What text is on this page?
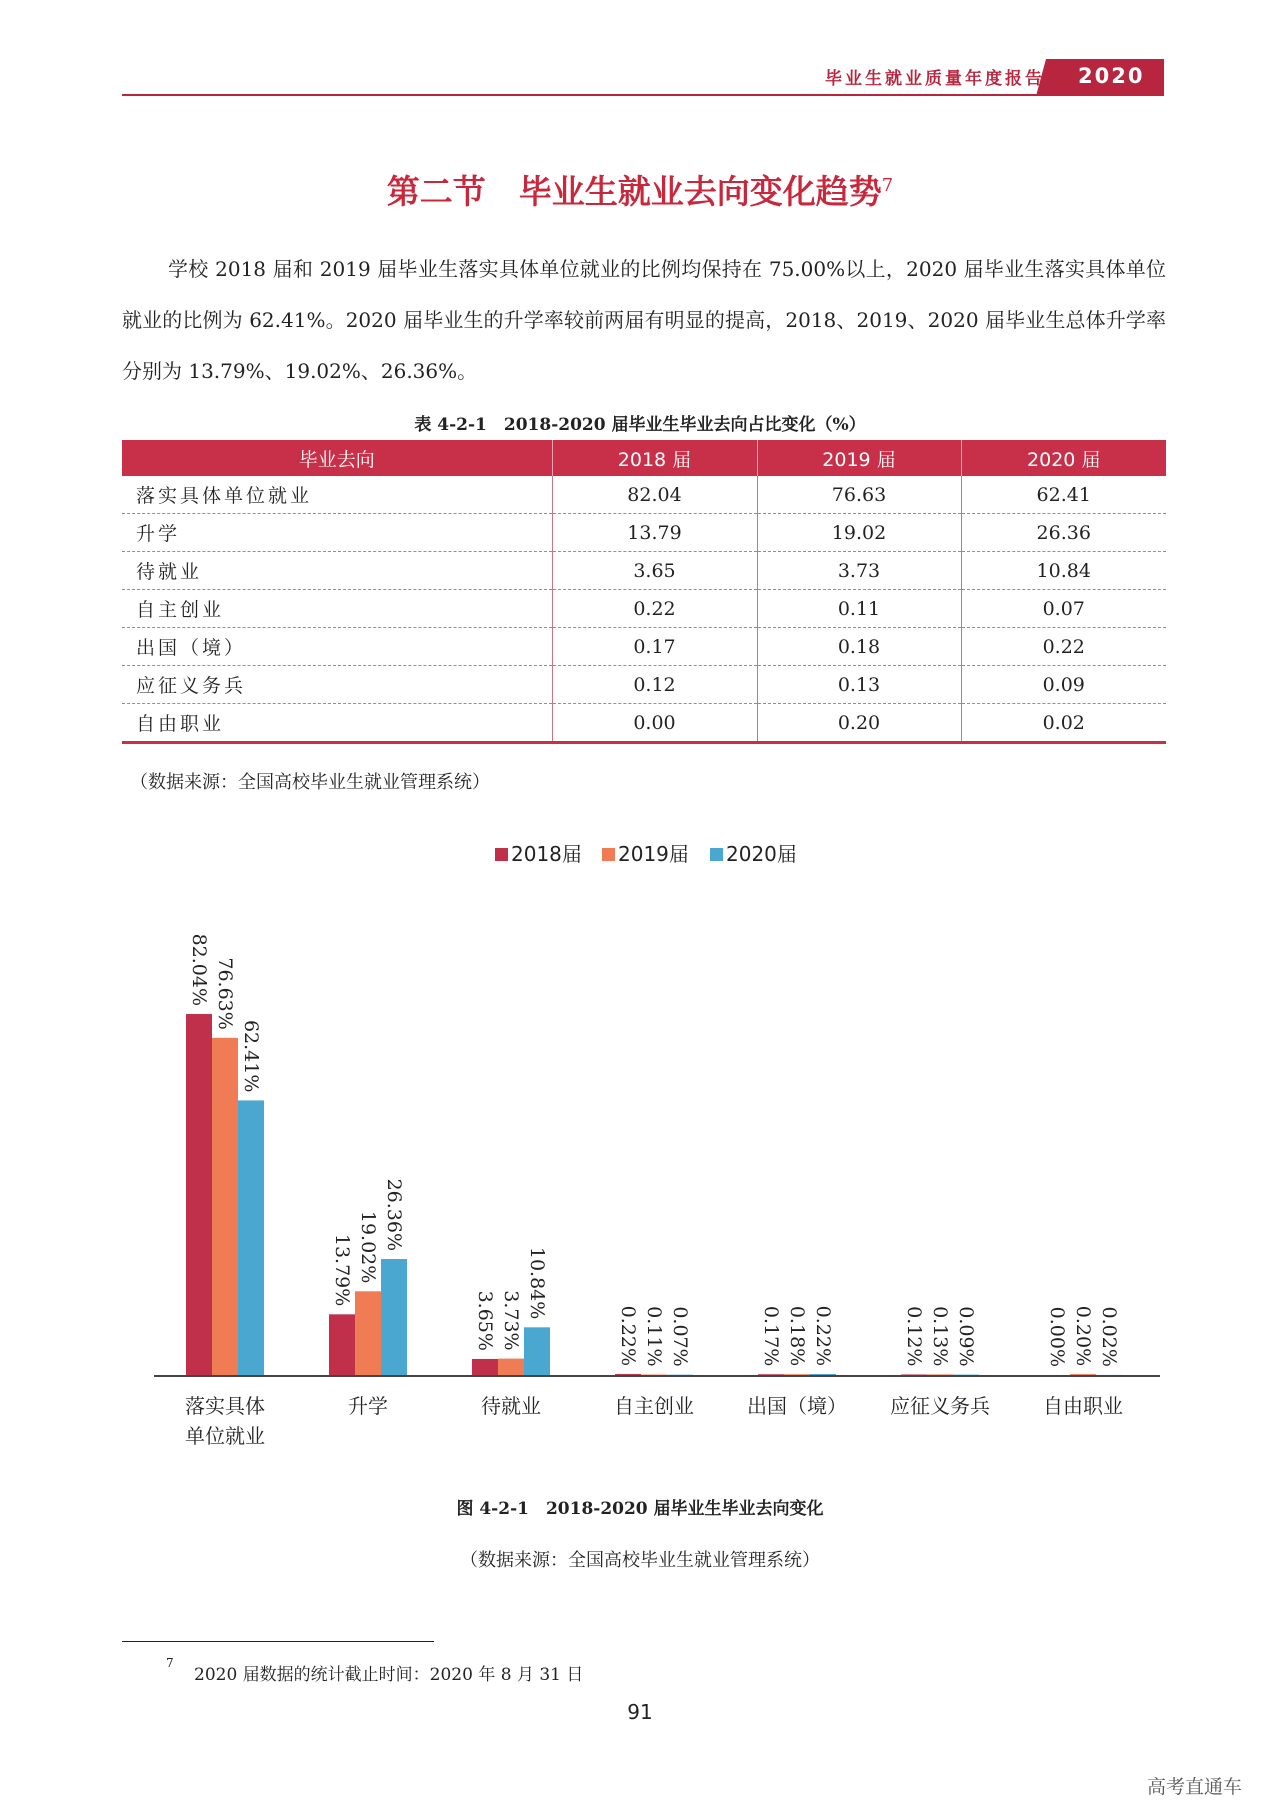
毕业生就业质量年度报告 2020
第二节　毕业生就业去向变化趋势$^7$
学校 2018 届和 2019 届毕业生落实具体单位就业的比例均保持在 75.00%以上，2020 届毕业生落实具体单位就业的比例为 62.41%。2020 届毕业生的升学率较前两届有明显的提高，2018、2019、2020 届毕业生总体升学率分别为 13.79%、19.02%、26.36%。
表 4-2-1　2018-2020 届毕业生毕业去向占比变化（%）
毕业去向	2018 届	2019 届	2020 届
落实具体单位就业	82.04	76.63	62.41
升学	13.79	19.02	26.36
待就业	3.65	3.73	10.84
自主创业	0.22	0.11	0.07
出国（境）	0.17	0.18	0.22
应征义务兵	0.12	0.13	0.09
自由职业	0.00	0.20	0.02
（数据来源：全国高校毕业生就业管理系统）
2018届 2019届 2020届
82.04% 76.63%
62.41%
落实具体
单位就业
13.79% 19.02% 26.36%
升学
3.65% 3.73%
10.84%
待就业
0.22% 0.11% 0.07%
自主创业
0.17% 0.18% 0.22%
出国（境）
0.12% 0.13% 0.09%
应征义务兵
0.00% 0.20% 0.02%
自由职业
图 4-2-1　2018-2020 届毕业生毕业去向变化
（数据来源：全国高校毕业生就业管理系统）
7
2020 届数据的统计截止时间：2020 年 8 月 31 日
91
高考直通车
